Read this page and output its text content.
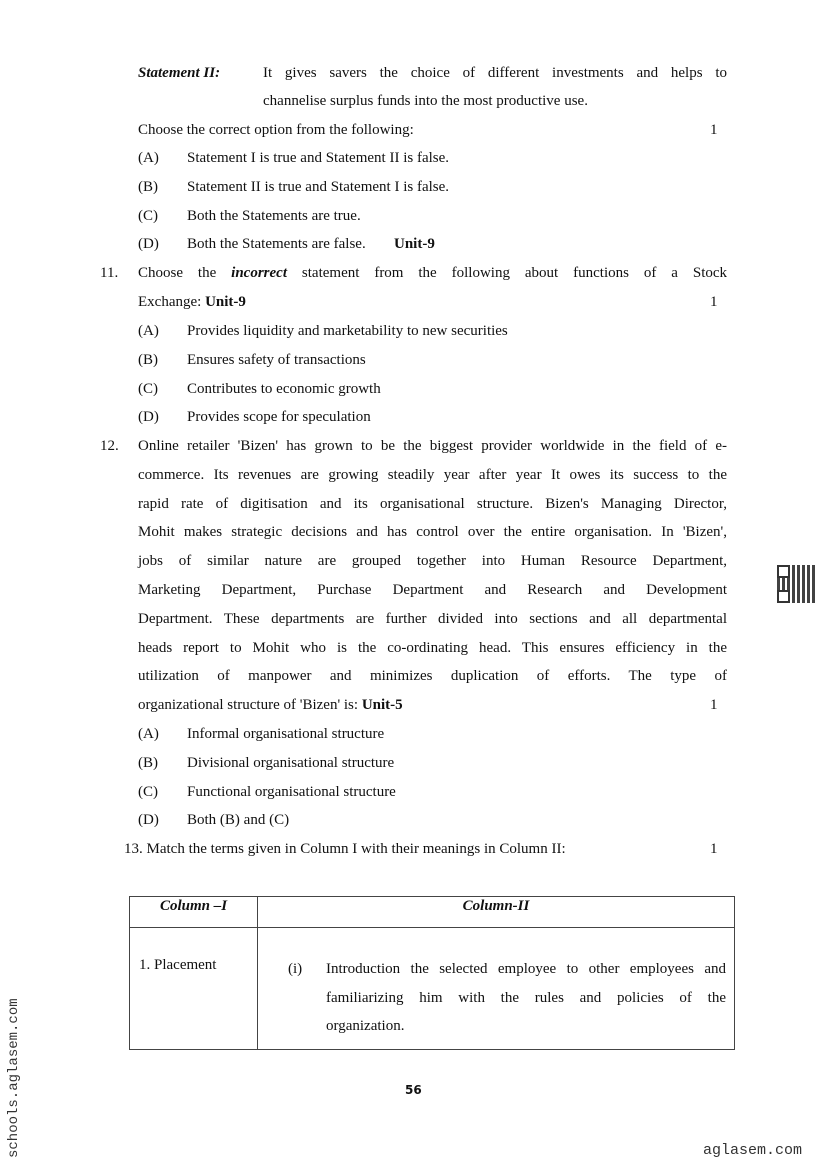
Statement II:	It gives savers the choice of different investments and helps to
channelise surplus funds into the most productive use.
Choose the correct option from the following:	1
(A) Statement I is true and Statement II is false.
(B) Statement II is true and Statement I is false.
(C) Both the Statements are true.
(D) Both the Statements are false. Unit-9
11. Choose the incorrect statement from the following about functions of a Stock
Exchange: Unit-9	1
(A) Provides liquidity and marketability to new securities
(B) Ensures safety of transactions
(C) Contributes to economic growth
(D) Provides scope for speculation
12. Online retailer 'Bizen' has grown to be the biggest provider worldwide in the field of e-
commerce. Its revenues are growing steadily year after year It owes its success to the
rapid rate of digitisation and its organisational structure. Bizen's Managing Director,
Mohit makes strategic decisions and has control over the entire organisation. In 'Bizen',
jobs of similar nature are grouped together into Human Resource Department,
Marketing Department, Purchase Department and Research and Development
Department. These departments are further divided into sections and all departmental
heads report to Mohit who is the co-ordinating head. This ensures efficiency in the
utilization of manpower and minimizes duplication of efforts. The type of
organizational structure of 'Bizen' is: Unit-5	1
(A) Informal organisational structure
(B) Divisional organisational structure
(C) Functional organisational structure
(D) Both (B) and (C)
13. Match the terms given in Column I with their meanings in Column II:	1
Column –I	Column-II
1. Placement	(i) Introduction the selected employee to other employees and
familiarizing him with the rules and policies of the
organization.
56
aglasem.com
schools.aglasem.com
